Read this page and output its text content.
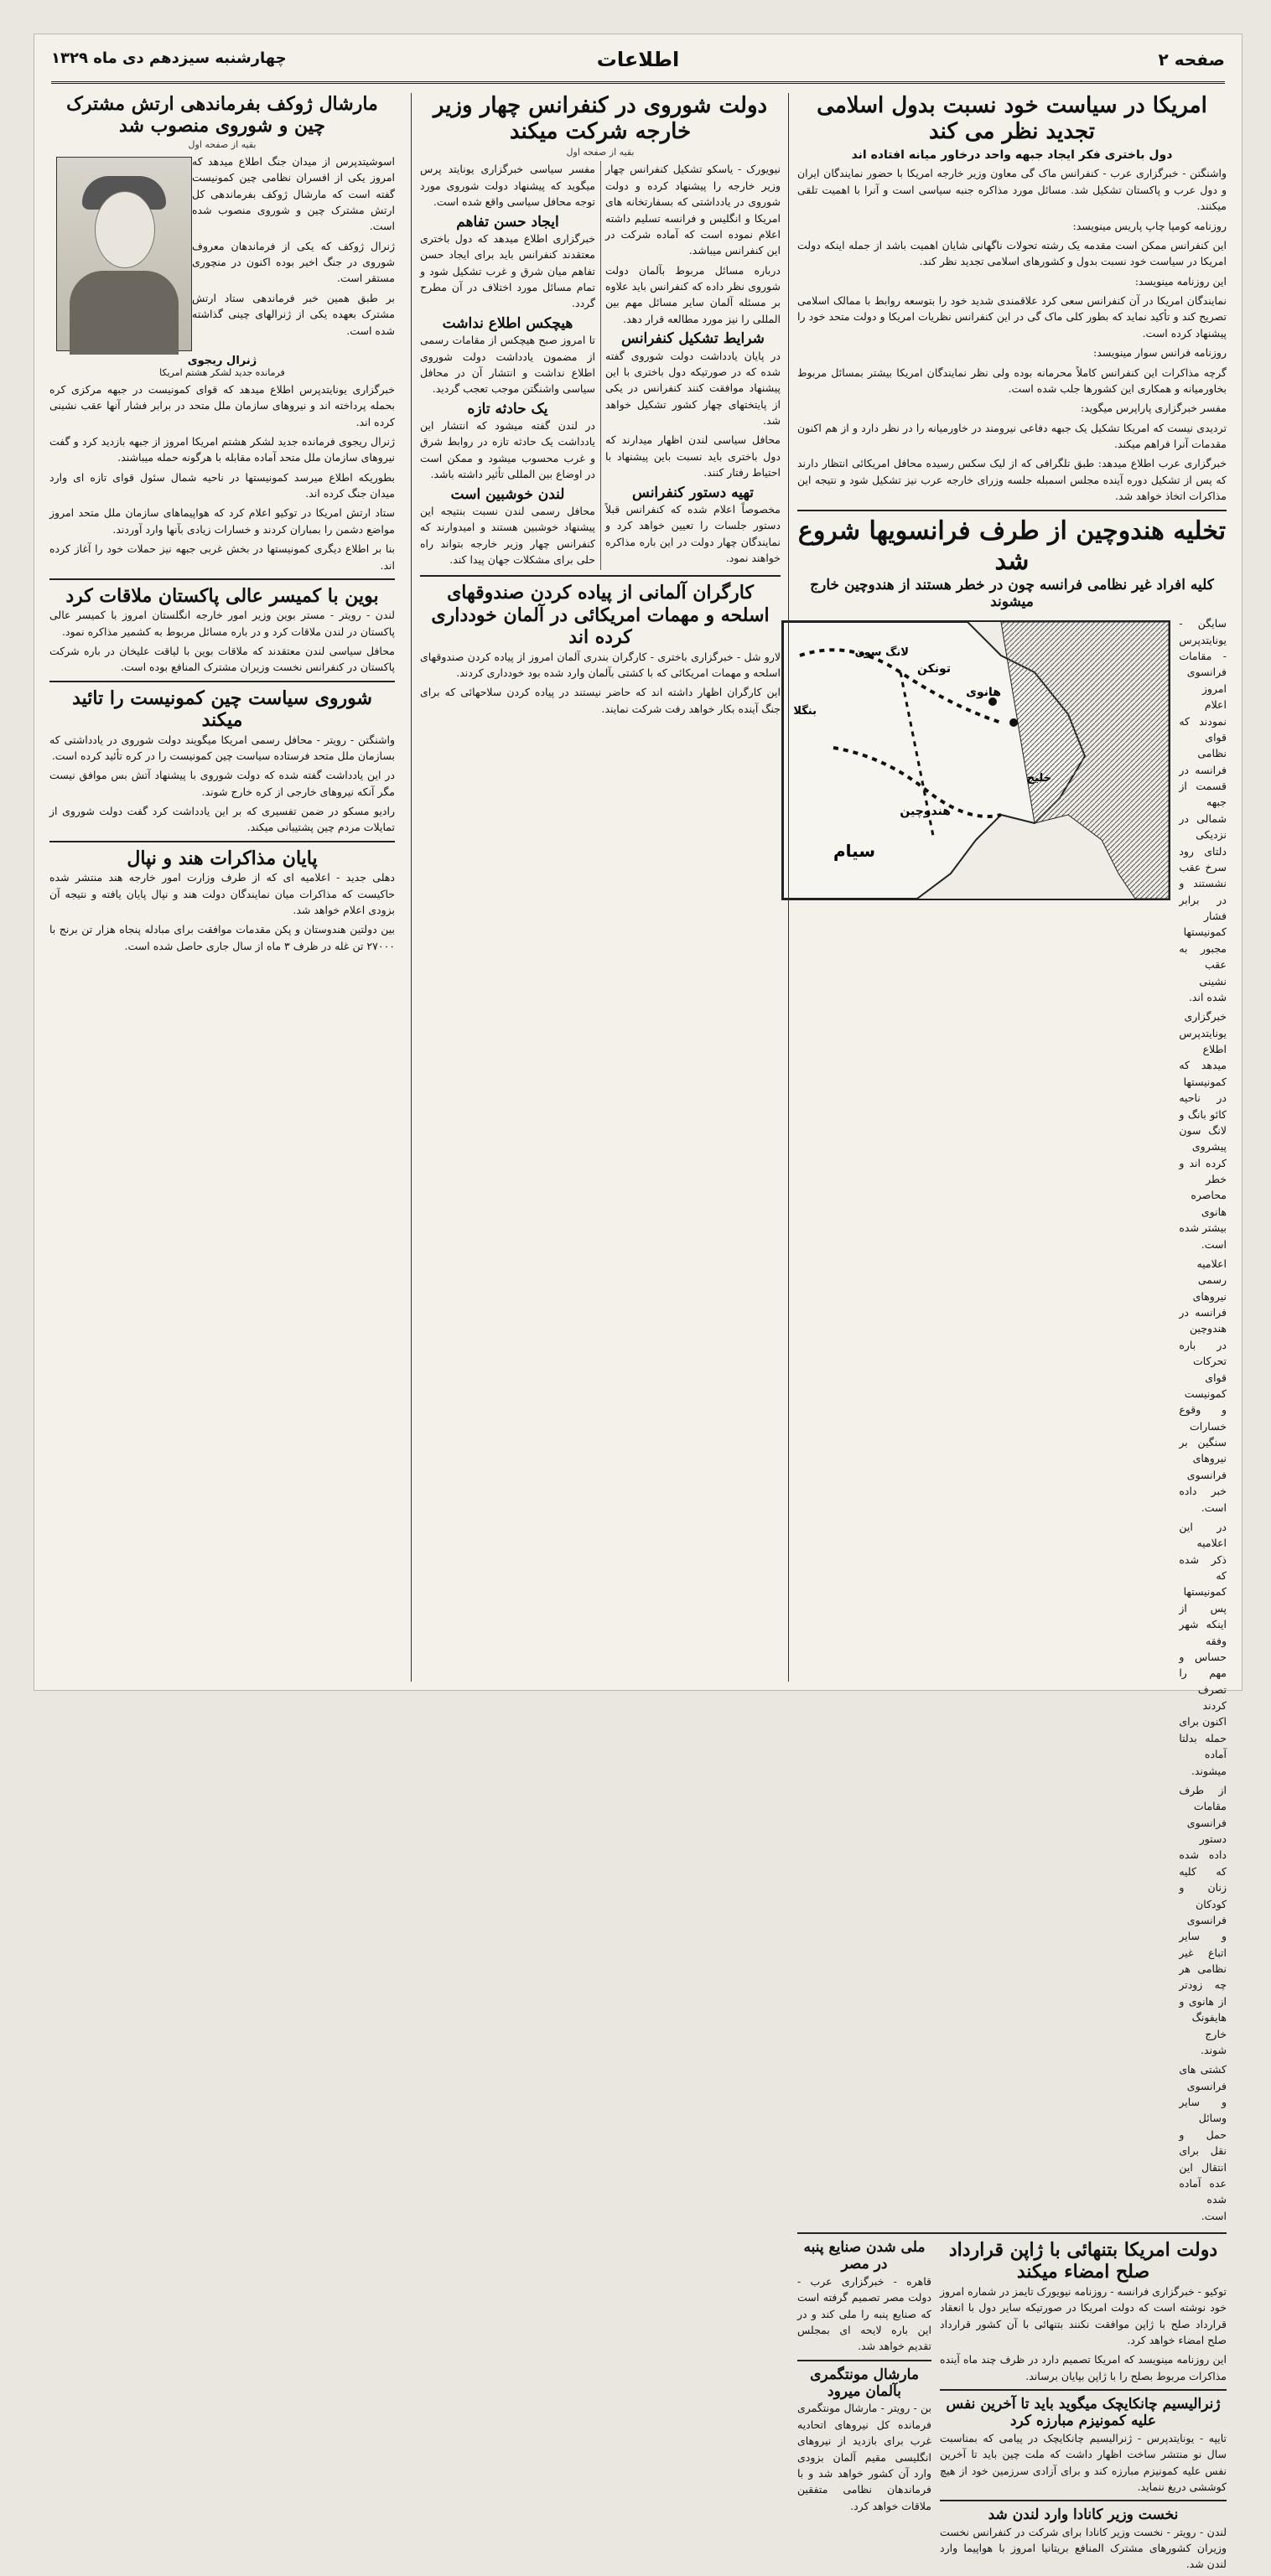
صفحه ۲
اطلاعات
چهارشنبه سیزدهم دی ماه ۱۳۲۹
امریکا در سیاست خود نسبت بدول اسلامی تجدید نظر می کند
دول باختری فکر ایجاد جبهه واحد درخاور میانه افتاده اند

واشنگتن - خبرگزاری عرب - کنفرانس ماک گی معاون وزیر خارجه امریکا با حضور نمایندگان ایران و دول عرب و پاکستان تشکیل شد. مسائل مورد مذاکره جنبه سیاسی است و آنرا با اهمیت تلقی میکنند.

روزنامه کومپا چاپ پاریس مینویسد:

این کنفرانس ممکن است مقدمه یک رشته تحولات ناگهانی شایان اهمیت باشد از جمله اینکه دولت امریکا در سیاست خود نسبت بدول و کشورهای اسلامی تجدید نظر کند.

این روزنامه مینویسد:

نمایندگان امریکا در آن کنفرانس سعی کرد علاقمندی شدید خود را بتوسعه روابط با ممالک اسلامی تصریح کند و تأکید نماید که بطور کلی ماک گی در این کنفرانس نظریات امریکا و دولت متحد خود را پیشنهاد کرده است.

روزنامه فرانس سوار مینویسد:

گرچه مذاکرات این کنفرانس کاملاً محرمانه بوده ولی نظر نمایندگان امریکا بیشتر بمسائل مربوط بخاورمیانه و همکاری این کشورها جلب شده است.

مفسر خبرگزاری پاراپرس میگوید:

تردیدی نیست که امریکا تشکیل یک جبهه دفاعی نیرومند در خاورمیانه را در نظر دارد و از هم اکنون مقدمات آنرا فراهم میکند.

خبرگزاری عرب اطلاع میدهد: طبق تلگرافی که از لیک سکس رسیده محافل امریکائی انتظار دارند که پس از تشکیل دوره آینده مجلس اسمبله جلسه وزرای خارجه عرب نیز تشکیل شود و نتیجه این مذاکرات اتخاذ خواهد شد.

تخلیه هندوچین از طرف فرانسویها شروع شد
کلیه افراد غیر نظامی فرانسه چون در خطر هستند از هندوچین خارج میشوند

سایگن - یونایتدپرس - مقامات فرانسوی امروز اعلام نمودند که قوای نظامی فرانسه در قسمت از جبهه شمالی در نزدیکی دلتای رود سرخ عقب نشستند و در برابر فشار کمونیستها مجبور به عقب نشینی شده اند.

خبرگزاری یونایتدپرس اطلاع میدهد که کمونیستها در ناحیه کائو بانگ و لانگ سون پیشروی کرده اند و خطر محاصره هانوی بیشتر شده است.

اعلامیه رسمی نیروهای فرانسه در هندوچین در باره تحرکات قوای کمونیست و وقوع خسارات سنگین بر نیروهای فرانسوی خبر داده است.

در این اعلامیه ذکر شده که کمونیستها پس از اینکه شهر وفقه حساس و مهم را تصرف کردند اکنون برای حمله بدلتا آماده میشوند.

از طرف مقامات فرانسوی دستور داده شده که کلیه زنان و کودکان فرانسوی و سایر اتباع غیر نظامی هر چه زودتر از هانوی و هایفونگ خارج شوند.

کشتی های فرانسوی و سایر وسائل حمل و نقل برای انتقال این عده آماده شده است.

هانوی
تونکن
لانگ سون
خلیج
سیام
هندوچین
بنگلا
دولت امریکا بتنهائی با ژاپن قرارداد صلح امضاء میکند

توکیو - خبرگزاری فرانسه - روزنامه نیویورک تایمز در شماره امروز خود نوشته است که دولت امریکا در صورتیکه سایر دول با انعقاد قرارداد صلح با ژاپن موافقت نکنند بتنهائی با آن کشور قرارداد صلح امضاء خواهد کرد.

این روزنامه مینویسد که امریکا تصمیم دارد در ظرف چند ماه آینده مذاکرات مربوط بصلح را با ژاپن بپایان برساند.

ژنرالیسیم چانکایچک میگوید باید تا آخرین نفس علیه کمونیزم مبارزه کرد

تایپه - یونایتدپرس - ژنرالیسیم چانکایچک در پیامی که بمناسبت سال نو منتشر ساخت اظهار داشت که ملت چین باید تا آخرین نفس علیه کمونیزم مبارزه کند و برای آزادی سرزمین خود از هیچ کوششی دریغ ننماید.

نخست وزیر کانادا وارد لندن شد

لندن - رویتر - نخست وزیر کانادا برای شرکت در کنفرانس نخست وزیران کشورهای مشترک المنافع بریتانیا امروز با هواپیما وارد لندن شد.

ملی شدن صنایع پنبه در مصر

قاهره - خبرگزاری عرب - دولت مصر تصمیم گرفته است که صنایع پنبه را ملی کند و در این باره لایحه ای بمجلس تقدیم خواهد شد.

مارشال مونتگمری بآلمان میرود

بن - رویتر - مارشال مونتگمری فرمانده کل نیروهای اتحادیه غرب برای بازدید از نیروهای انگلیسی مقیم آلمان بزودی وارد آن کشور خواهد شد و با فرماندهان نظامی متفقین ملاقات خواهد کرد.

دولت شوروی در کنفرانس چهار وزیر خارجه شرکت میکند
بقیه از صفحه اول

نیویورک - یاسکو تشکیل کنفرانس چهار وزیر خارجه را پیشنهاد کرده و دولت شوروی در یادداشتی که بسفارتخانه های امریکا و انگلیس و فرانسه تسلیم داشته اعلام نموده است که آماده شرکت در این کنفرانس میباشد.

درباره مسائل مربوط بآلمان دولت شوروی نظر داده که کنفرانس باید علاوه بر مسئله آلمان سایر مسائل مهم بین المللی را نیز مورد مطالعه قرار دهد.

شرایط تشکیل کنفرانس

در پایان یادداشت دولت شوروی گفته شده که در صورتیکه دول باختری با این پیشنهاد موافقت کنند کنفرانس در یکی از پایتختهای چهار کشور تشکیل خواهد شد.

محافل سیاسی لندن اظهار میدارند که دول باختری باید نسبت باین پیشنهاد با احتیاط رفتار کنند.

تهیه دستور کنفرانس

مخصوصاً اعلام شده که کنفرانس قبلاً دستور جلسات را تعیین خواهد کرد و نمایندگان چهار دولت در این باره مذاکره خواهند نمود.

مفسر سیاسی خبرگزاری یونایتد پرس میگوید که پیشنهاد دولت شوروی مورد توجه محافل سیاسی واقع شده است.

ایجاد حسن تفاهم

خبرگزاری اطلاع میدهد که دول باختری معتقدند کنفرانس باید برای ایجاد حسن تفاهم میان شرق و غرب تشکیل شود و تمام مسائل مورد اختلاف در آن مطرح گردد.

هیچکس اطلاع نداشت

تا امروز صبح هیچکس از مقامات رسمی از مضمون یادداشت دولت شوروی اطلاع نداشت و انتشار آن در محافل سیاسی واشنگتن موجب تعجب گردید.

یک حادثه تازه

در لندن گفته میشود که انتشار این یادداشت یک حادثه تازه در روابط شرق و غرب محسوب میشود و ممکن است در اوضاع بین المللی تأثیر داشته باشد.

لندن خوشبین است

محافل رسمی لندن نسبت بنتیجه این پیشنهاد خوشبین هستند و امیدوارند که کنفرانس چهار وزیر خارجه بتواند راه حلی برای مشکلات جهان پیدا کند.

کارگران آلمانی از پیاده کردن صندوقهای اسلحه و مهمات امریکائی در آلمان خودداری کرده اند

لارو شل - خبرگزاری باختری - کارگران بندری آلمان امروز از پیاده کردن صندوقهای اسلحه و مهمات امریکائی که با کشتی بآلمان وارد شده بود خودداری کردند.

این کارگران اظهار داشته اند که حاضر نیستند در پیاده کردن سلاحهائی که برای جنگ آینده بکار خواهد رفت شرکت نمایند.

مارشال ژوکف بفرماندهی ارتش مشترک چین و شوروی منصوب شد
بقیه از صفحه اول

اسوشیتدپرس از میدان جنگ اطلاع میدهد که امروز یکی از افسران نظامی چین کمونیست گفته است که مارشال ژوکف بفرماندهی کل ارتش مشترک چین و شوروی منصوب شده است.

ژنرال ژوکف که یکی از فرماندهان معروف شوروی در جنگ اخیر بوده اکنون در منچوری مستقر است.

بر طبق همین خبر فرماندهی ستاد ارتش مشترک بعهده یکی از ژنرالهای چینی گذاشته شده است.

ژنرال ریجوی
فرمانده جدید لشکر هشتم امریکا

خبرگزاری یونایتدپرس اطلاع میدهد که قوای کمونیست در جبهه مرکزی کره بحمله پرداخته اند و نیروهای سازمان ملل متحد در برابر فشار آنها عقب نشینی کرده اند.

ژنرال ریجوی فرمانده جدید لشکر هشتم امریکا امروز از جبهه بازدید کرد و گفت نیروهای سازمان ملل متحد آماده مقابله با هرگونه حمله میباشند.

بطوریکه اطلاع میرسد کمونیستها در ناحیه شمال سئول قوای تازه ای وارد میدان جنگ کرده اند.

ستاد ارتش امریکا در توکیو اعلام کرد که هواپیماهای سازمان ملل متحد امروز مواضع دشمن را بمباران کردند و خسارات زیادی بآنها وارد آوردند.

بنا بر اطلاع دیگری کمونیستها در بخش غربی جبهه نیز حملات خود را آغاز کرده اند.

بوین با کمیسر عالی پاکستان ملاقات کرد

لندن - رویتر - مستر بوین وزیر امور خارجه انگلستان امروز با کمیسر عالی پاکستان در لندن ملاقات کرد و در باره مسائل مربوط به کشمیر مذاکره نمود.

محافل سیاسی لندن معتقدند که ملاقات بوین با لیاقت علیخان در باره شرکت پاکستان در کنفرانس نخست وزیران مشترک المنافع بوده است.

شوروی سیاست چین کمونیست را تائید میکند

واشنگتن - رویتر - محافل رسمی امریکا میگویند دولت شوروی در یادداشتی که بسازمان ملل متحد فرستاده سیاست چین کمونیست را در کره تأئید کرده است.

در این یادداشت گفته شده که دولت شوروی با پیشنهاد آتش بس موافق نیست مگر آنکه نیروهای خارجی از کره خارج شوند.

رادیو مسکو در ضمن تفسیری که بر این یادداشت کرد گفت دولت شوروی از تمایلات مردم چین پشتیبانی میکند.

پایان مذاکرات هند و نپال

دهلی جدید - اعلامیه ای که از طرف وزارت امور خارجه هند منتشر شده حاکیست که مذاکرات میان نمایندگان دولت هند و نپال پایان یافته و نتیجه آن بزودی اعلام خواهد شد.

بین دولتین هندوستان و پکن مقدمات موافقت برای مبادله پنجاه هزار تن برنج با ۲۷۰۰۰ تن غله در ظرف ۳ ماه از سال جاری حاصل شده است.
